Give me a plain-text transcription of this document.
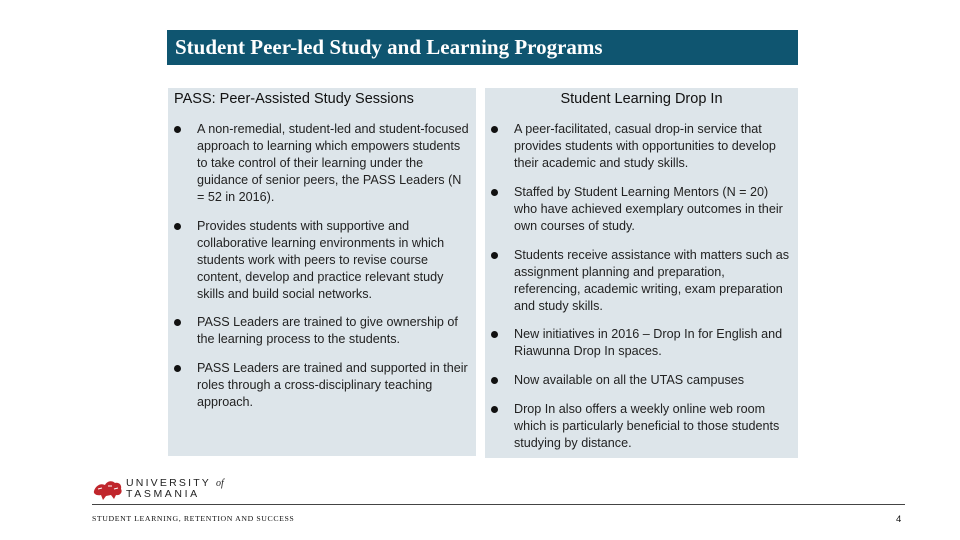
Student Peer-led Study and Learning Programs
PASS: Peer-Assisted Study Sessions
A non-remedial, student-led and student-focused approach to learning which empowers students to take control of their learning under the guidance of senior peers, the PASS Leaders (N = 52 in 2016).
Provides students with supportive and collaborative learning environments in which students work with peers to revise course content, develop and practice relevant study skills and build social networks.
PASS Leaders are trained to give ownership of the learning process to the students.
PASS Leaders are trained and supported in their roles through a cross-disciplinary teaching approach.
Student Learning Drop In
A peer-facilitated, casual drop-in service that provides students with opportunities to develop their academic and study skills.
Staffed by Student Learning Mentors (N = 20) who have achieved exemplary outcomes in their own courses of study.
Students receive assistance with matters such as assignment planning and preparation, referencing, academic writing, exam preparation and study skills.
New initiatives in 2016 – Drop In for English and Riawunna Drop In spaces.
Now available on all the UTAS campuses
Drop In also offers a weekly online web room which is particularly beneficial to those students studying by distance.
UNIVERSITY of
TASMANIA
STUDENT LEARNING, RETENTION AND SUCCESS	4
